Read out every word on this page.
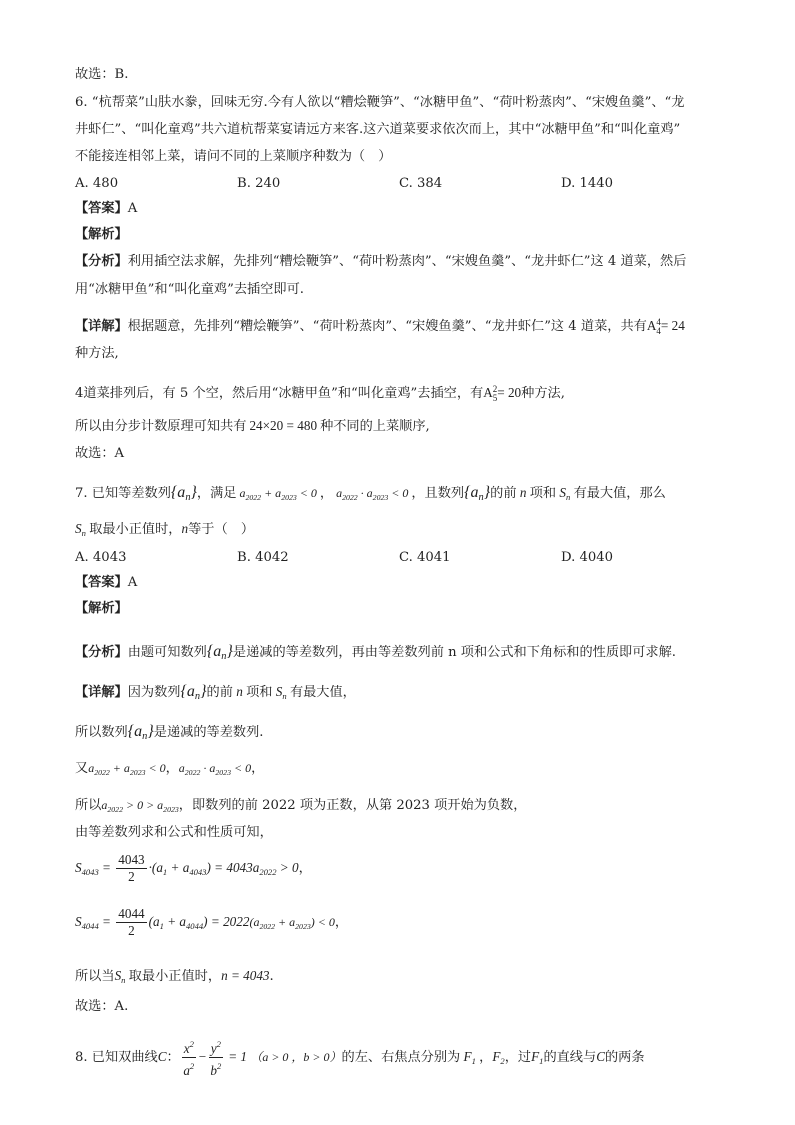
故选：B.
6. “杭帮菜”山肤水豢，回味无穷.今有人欲以“糟烩鞭笋”、“冰糖甲鱼”、“荷叶粉蒸肉”、“宋嫂鱼羹”、“龙
井虾仁”、“叫化童鸡”共六道杭帮菜宴请远方来客.这六道菜要求依次而上，其中“冰糖甲鱼”和“叫化童鸡”
不能接连相邻上菜，请问不同的上菜顺序种数为（　）
A. 480	B. 240	C. 384	D. 1440
【答案】A
【解析】
【分析】利用插空法求解，先排列“糟烩鞭笋”、“荷叶粉蒸肉”、“宋嫂鱼羹”、“龙井虾仁”这 4 道菜，然后
用“冰糖甲鱼”和“叫化童鸡”去插空即可.
【详解】根据题意，先排列“糟烩鞭笋”、“荷叶粉蒸肉”、“宋嫂鱼羹”、“龙井虾仁”这 4 道菜，共有A 4
4 = 24
种方法,
4道菜排列后，有 5 个空，然后用“冰糖甲鱼”和“叫化童鸡”去插空，有A 2
5 = 20种方法,
所以由分步计数原理可知共有 24×20 = 480 种不同的上菜顺序,
故选：A
7. 已知等差数列$\{a_n\}$，满足 $a_{2022} + a_{2023} < 0$ ， $a_{2022} \cdot a_{2023} < 0$ ，且数列$\{a_n\}$的前 n 项和 $S_n$ 有最大值，那么
$S_n$ 取最小正值时，n等于（　）
A. 4043	B. 4042	C. 4041	D. 4040
【答案】A
【解析】
【分析】由题可知数列$\{a_n\}$是递减的等差数列，再由等差数列前 n 项和公式和下角标和的性质即可求解.
【详解】因为数列$\{a_n\}$的前 n 项和 $S_n$ 有最大值，
所以数列$\{a_n\}$是递减的等差数列.
又$a_{2022} + a_{2023} < 0$，$a_{2022} \cdot a_{2023} < 0$，
所以$a_{2022} > 0 > a_{2023}$，即数列的前 2022 项为正数，从第 2023 项开始为负数，
由等差数列求和公式和性质可知，
$S_{4043} = \frac{4043}{2} \cdot(a_1 + a_{4043}) = 4043a_{2022} > 0$，
$S_{4044} = \frac{4044}{2} (a_1 + a_{4044}) = 2022(a_{2022} + a_{2023}) < 0$，
所以当$S_n$ 取最小正值时，n = 4043.
故选：A.
8. 已知双曲线C： $\frac{x^2}{a^2} - \frac{y^2}{b^2} = 1$ （a > 0 ，b > 0）的左、右焦点分别为 $F_1$ ，$F_2$，过$F_1$的直线与C的两条
